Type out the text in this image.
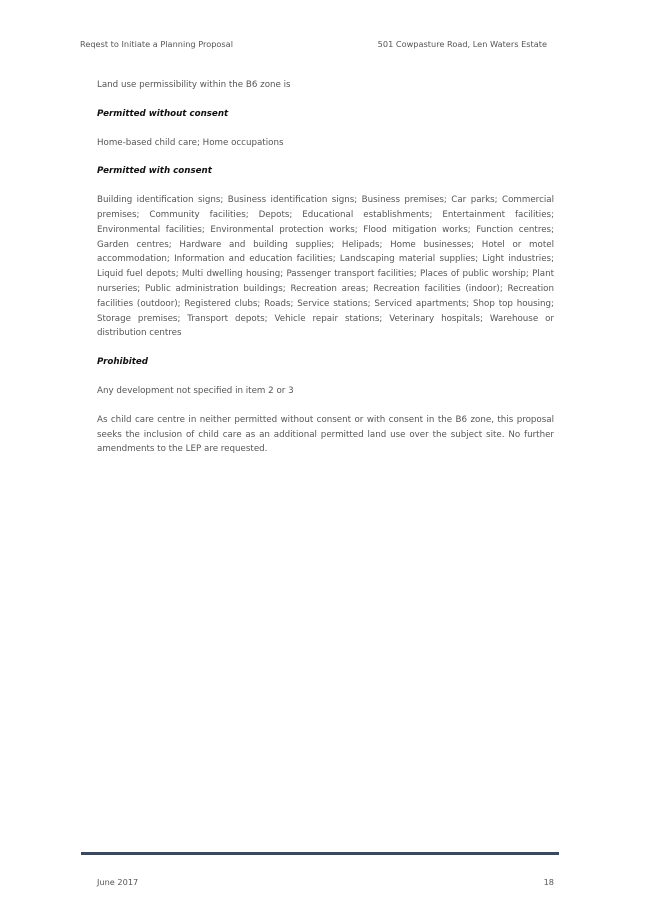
Reqest to Initiate a Planning Proposal	501 Cowpasture Road, Len Waters Estate

Land use permissibility within the B6 zone is

Permitted without consent

Home-based child care; Home occupations

Permitted with consent

Building identification signs; Business identification signs; Business premises; Car parks; Commercial premises; Community facilities; Depots; Educational establishments; Entertainment facilities; Environmental facilities; Environmental protection works; Flood mitigation works; Function centres; Garden centres; Hardware and building supplies; Helipads; Home businesses; Hotel or motel accommodation; Information and education facilities; Landscaping material supplies; Light industries; Liquid fuel depots; Multi dwelling housing; Passenger transport facilities; Places of public worship; Plant nurseries; Public administration buildings; Recreation areas; Recreation facilities (indoor); Recreation facilities (outdoor); Registered clubs; Roads; Service stations; Serviced apartments; Shop top housing; Storage premises; Transport depots; Vehicle repair stations; Veterinary hospitals; Warehouse or distribution centres

Prohibited

Any development not specified in item 2 or 3

As child care centre in neither permitted without consent or with consent in the B6 zone, this proposal seeks the inclusion of child care as an additional permitted land use over the subject site. No further amendments to the LEP are requested.

June 2017	18
